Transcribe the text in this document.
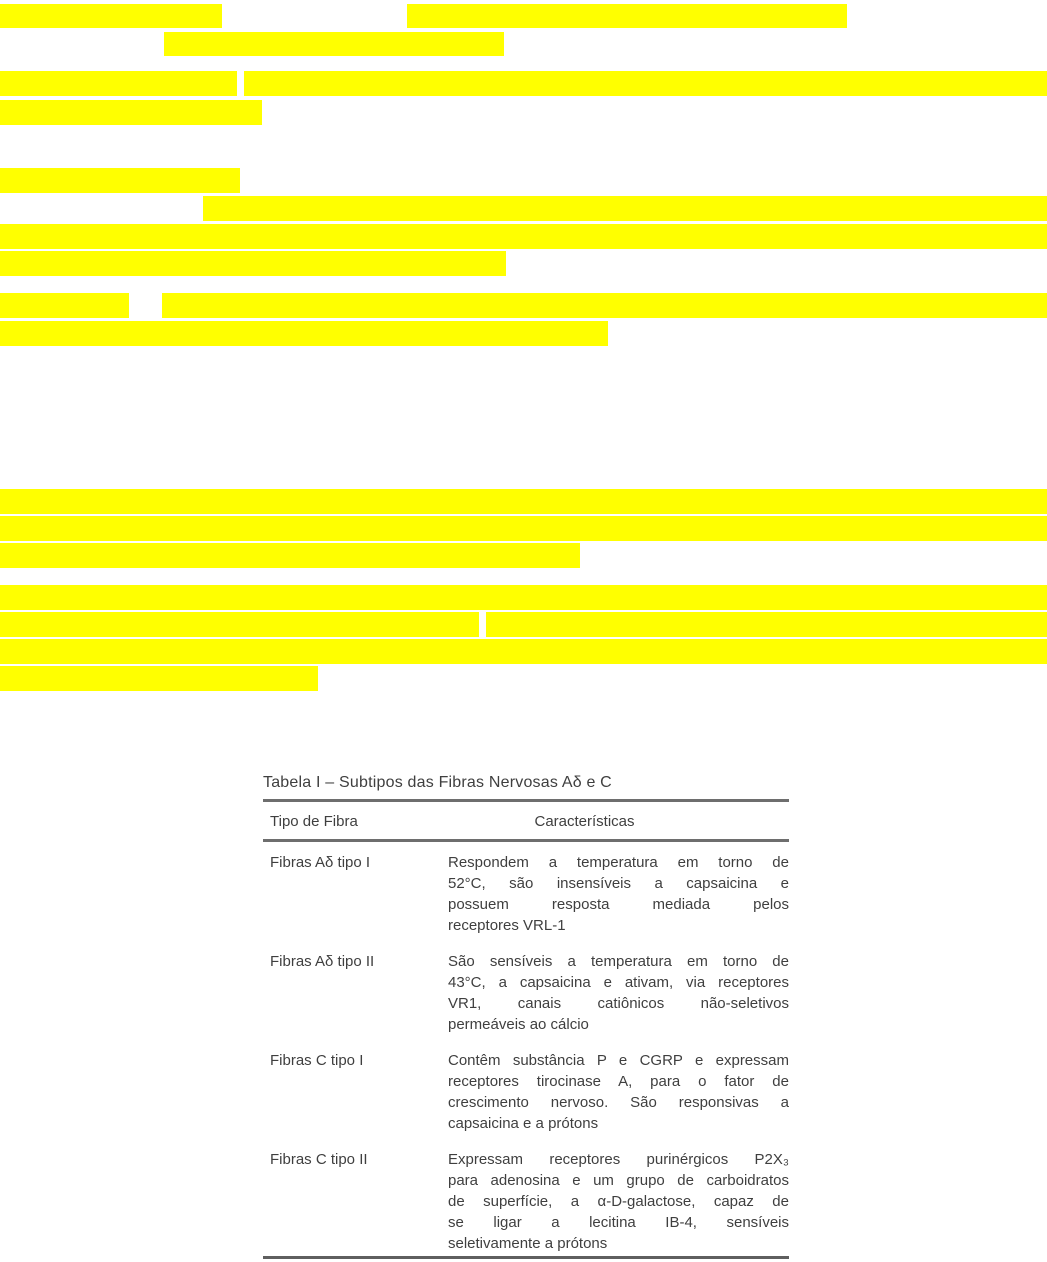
Tabela I – Subtipos das Fibras Nervosas Aδ e C
Tipo de Fibra	Características
Fibras Aδ tipo I	Respondem a temperatura em torno de
52°C, são insensíveis a capsaicina e
possuem resposta mediada pelos
receptores VRL-1
Fibras Aδ tipo II	São sensíveis a temperatura em torno de
43°C, a capsaicina e ativam, via receptores
VR1, canais catiônicos não-seletivos
permeáveis ao cálcio
Fibras C tipo I	Contêm substância P e CGRP e expressam
receptores tirocinase A, para o fator de
crescimento nervoso. São responsivas a
capsaicina e a prótons
Fibras C tipo II	Expressam receptores purinérgicos P2X₃
para adenosina e um grupo de carboidratos
de superfície, a α-D-galactose, capaz de
se ligar a lecitina IB-4, sensíveis
seletivamente a prótons
